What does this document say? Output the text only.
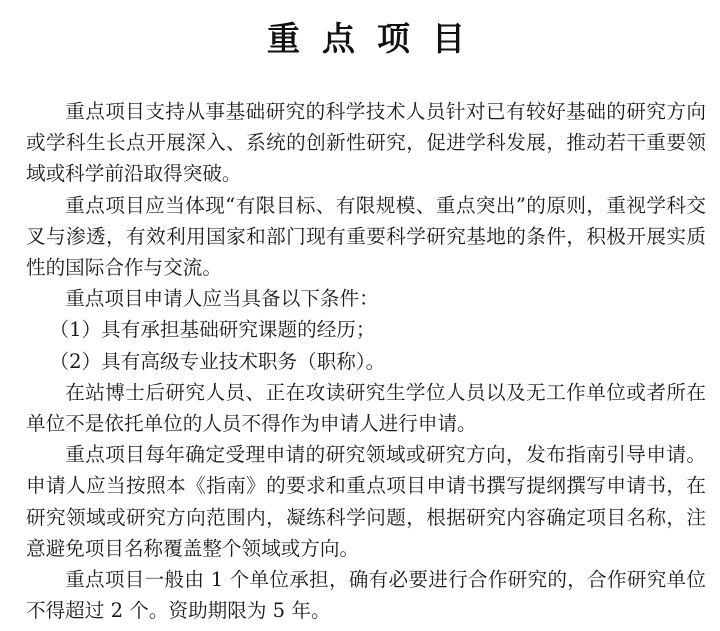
重点项目

重点项目支持从事基础研究的科学技术人员针对已有较好基础的研究方向或学科生长点开展深入、系统的创新性研究，促进学科发展，推动若干重要领域或科学前沿取得突破。

重点项目应当体现“有限目标、有限规模、重点突出”的原则，重视学科交叉与渗透，有效利用国家和部门现有重要科学研究基地的条件，积极开展实质性的国际合作与交流。

重点项目申请人应当具备以下条件：

（1）具有承担基础研究课题的经历；

（2）具有高级专业技术职务（职称）。

在站博士后研究人员、正在攻读研究生学位人员以及无工作单位或者所在单位不是依托单位的人员不得作为申请人进行申请。

重点项目每年确定受理申请的研究领域或研究方向，发布指南引导申请。申请人应当按照本《指南》的要求和重点项目申请书撰写提纲撰写申请书，在研究领域或研究方向范围内，凝练科学问题，根据研究内容确定项目名称，注意避免项目名称覆盖整个领域或方向。

重点项目一般由 1 个单位承担，确有必要进行合作研究的，合作研究单位不得超过 2 个。资助期限为 5 年。
